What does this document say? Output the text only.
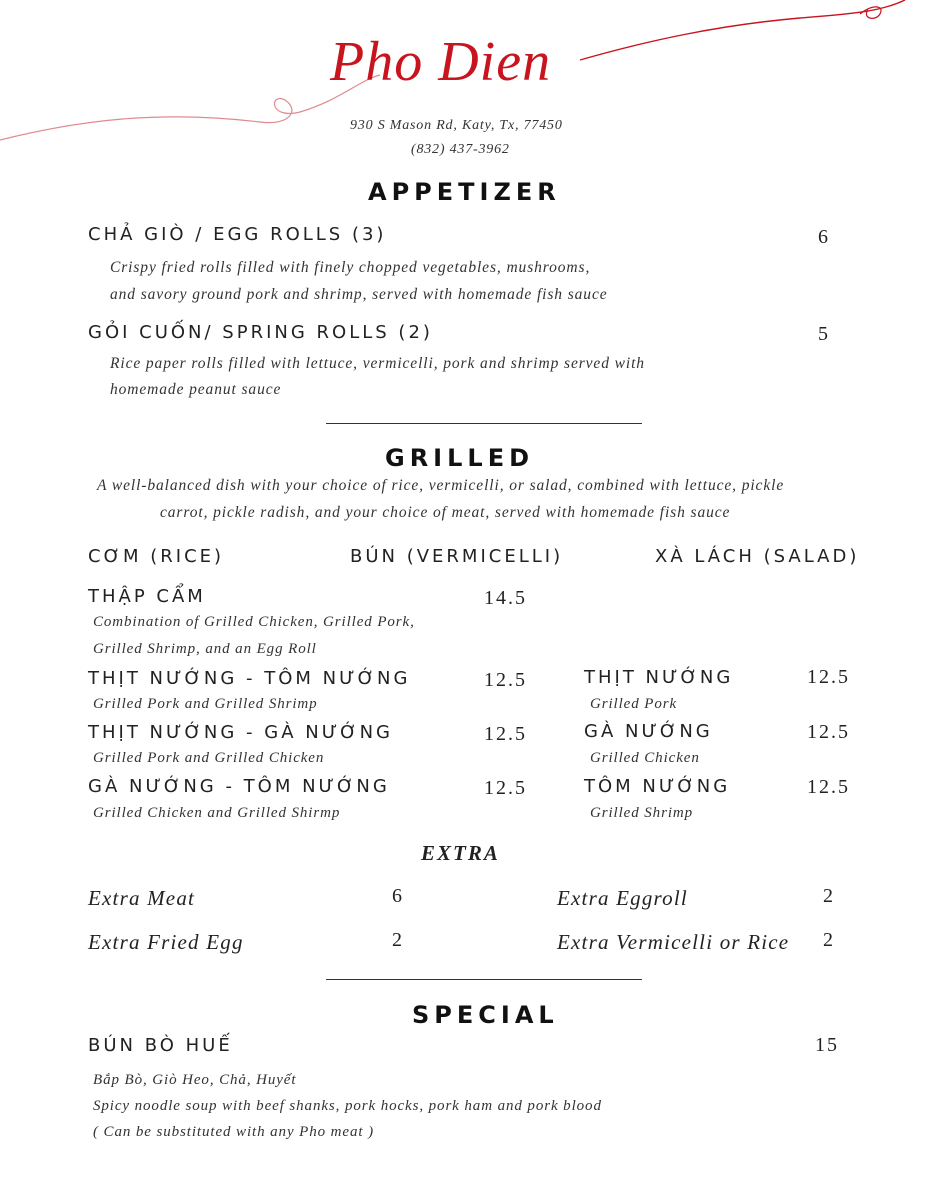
Pho Dien
930 S Mason Rd, Katy, Tx, 77450
(832) 437-3962
APPETIZER
CHẢ GIÒ / EGG ROLLS (3)	6
Crispy fried rolls filled with finely chopped vegetables, mushrooms,
and savory ground pork and shrimp, served with homemade fish sauce
GỎI CUỐN/ SPRING ROLLS (2)	5
Rice paper rolls filled with lettuce, vermicelli, pork and shrimp served with
homemade peanut sauce
GRILLED
A well-balanced dish with your choice of rice, vermicelli, or salad, combined with lettuce, pickle
carrot, pickle radish, and your choice of meat, served with homemade fish sauce
CƠM (RICE)	BÚN (VERMICELLI)	XÀ LÁCH (SALAD)
THẬP CẨM	14.5
Combination of Grilled Chicken, Grilled Pork,
Grilled Shrimp, and an Egg Roll
THỊT NƯỚNG - TÔM NƯỚNG	12.5
Grilled Pork and Grilled Shrimp
THỊT NƯỚNG - GÀ NƯỚNG	12.5
Grilled Pork and Grilled Chicken
GÀ NƯỚNG - TÔM NƯỚNG	12.5
Grilled Chicken and Grilled Shirmp
THỊT NƯỚNG	12.5
Grilled Pork
GÀ NƯỚNG	12.5
Grilled Chicken
TÔM NƯỚNG	12.5
Grilled Shrimp
EXTRA
Extra Meat	6
Extra Fried Egg	2
Extra Eggroll	2
Extra Vermicelli or Rice 2
SPECIAL
BÚN BÒ HUẾ	15
Bắp Bò, Giò Heo, Chả, Huyết
Spicy noodle soup with beef shanks, pork hocks, pork ham and pork blood
( Can be substituted with any Pho meat )
